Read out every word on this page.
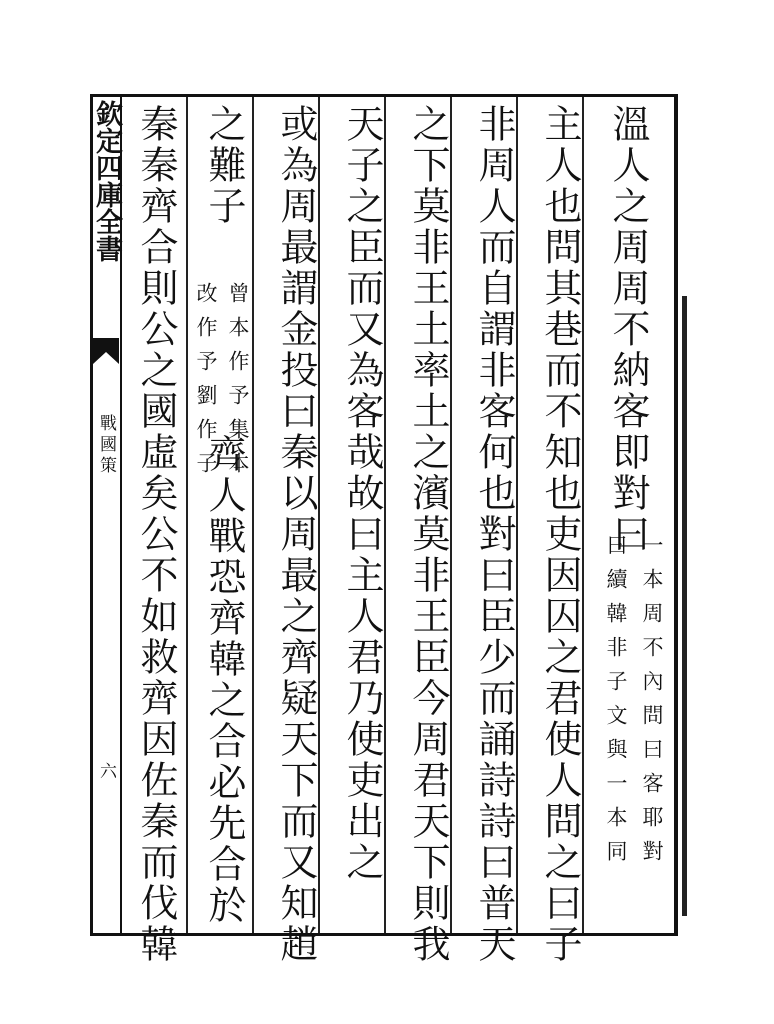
欽定四庫全書
戰國策
六
溫人之周周不納客即對曰
一本周不內問曰客耶對
曰續韓非子文與一本同
主人也問其巷而不知也吏因囚之君使人問之曰子
非周人而自謂非客何也對曰臣少而誦詩詩曰普天
之下莫非王土率土之濱莫非王臣今周君天下則我
天子之臣而又為客哉故曰主人君乃使吏出之
或為周最謂金投曰秦以周最之齊疑天下而又知趙
之難子
曾本作予集本
改作予劉作子
齊人戰恐齊韓之合必先合於
秦秦齊合則公之國虛矣公不如救齊因佐秦而伐韓
